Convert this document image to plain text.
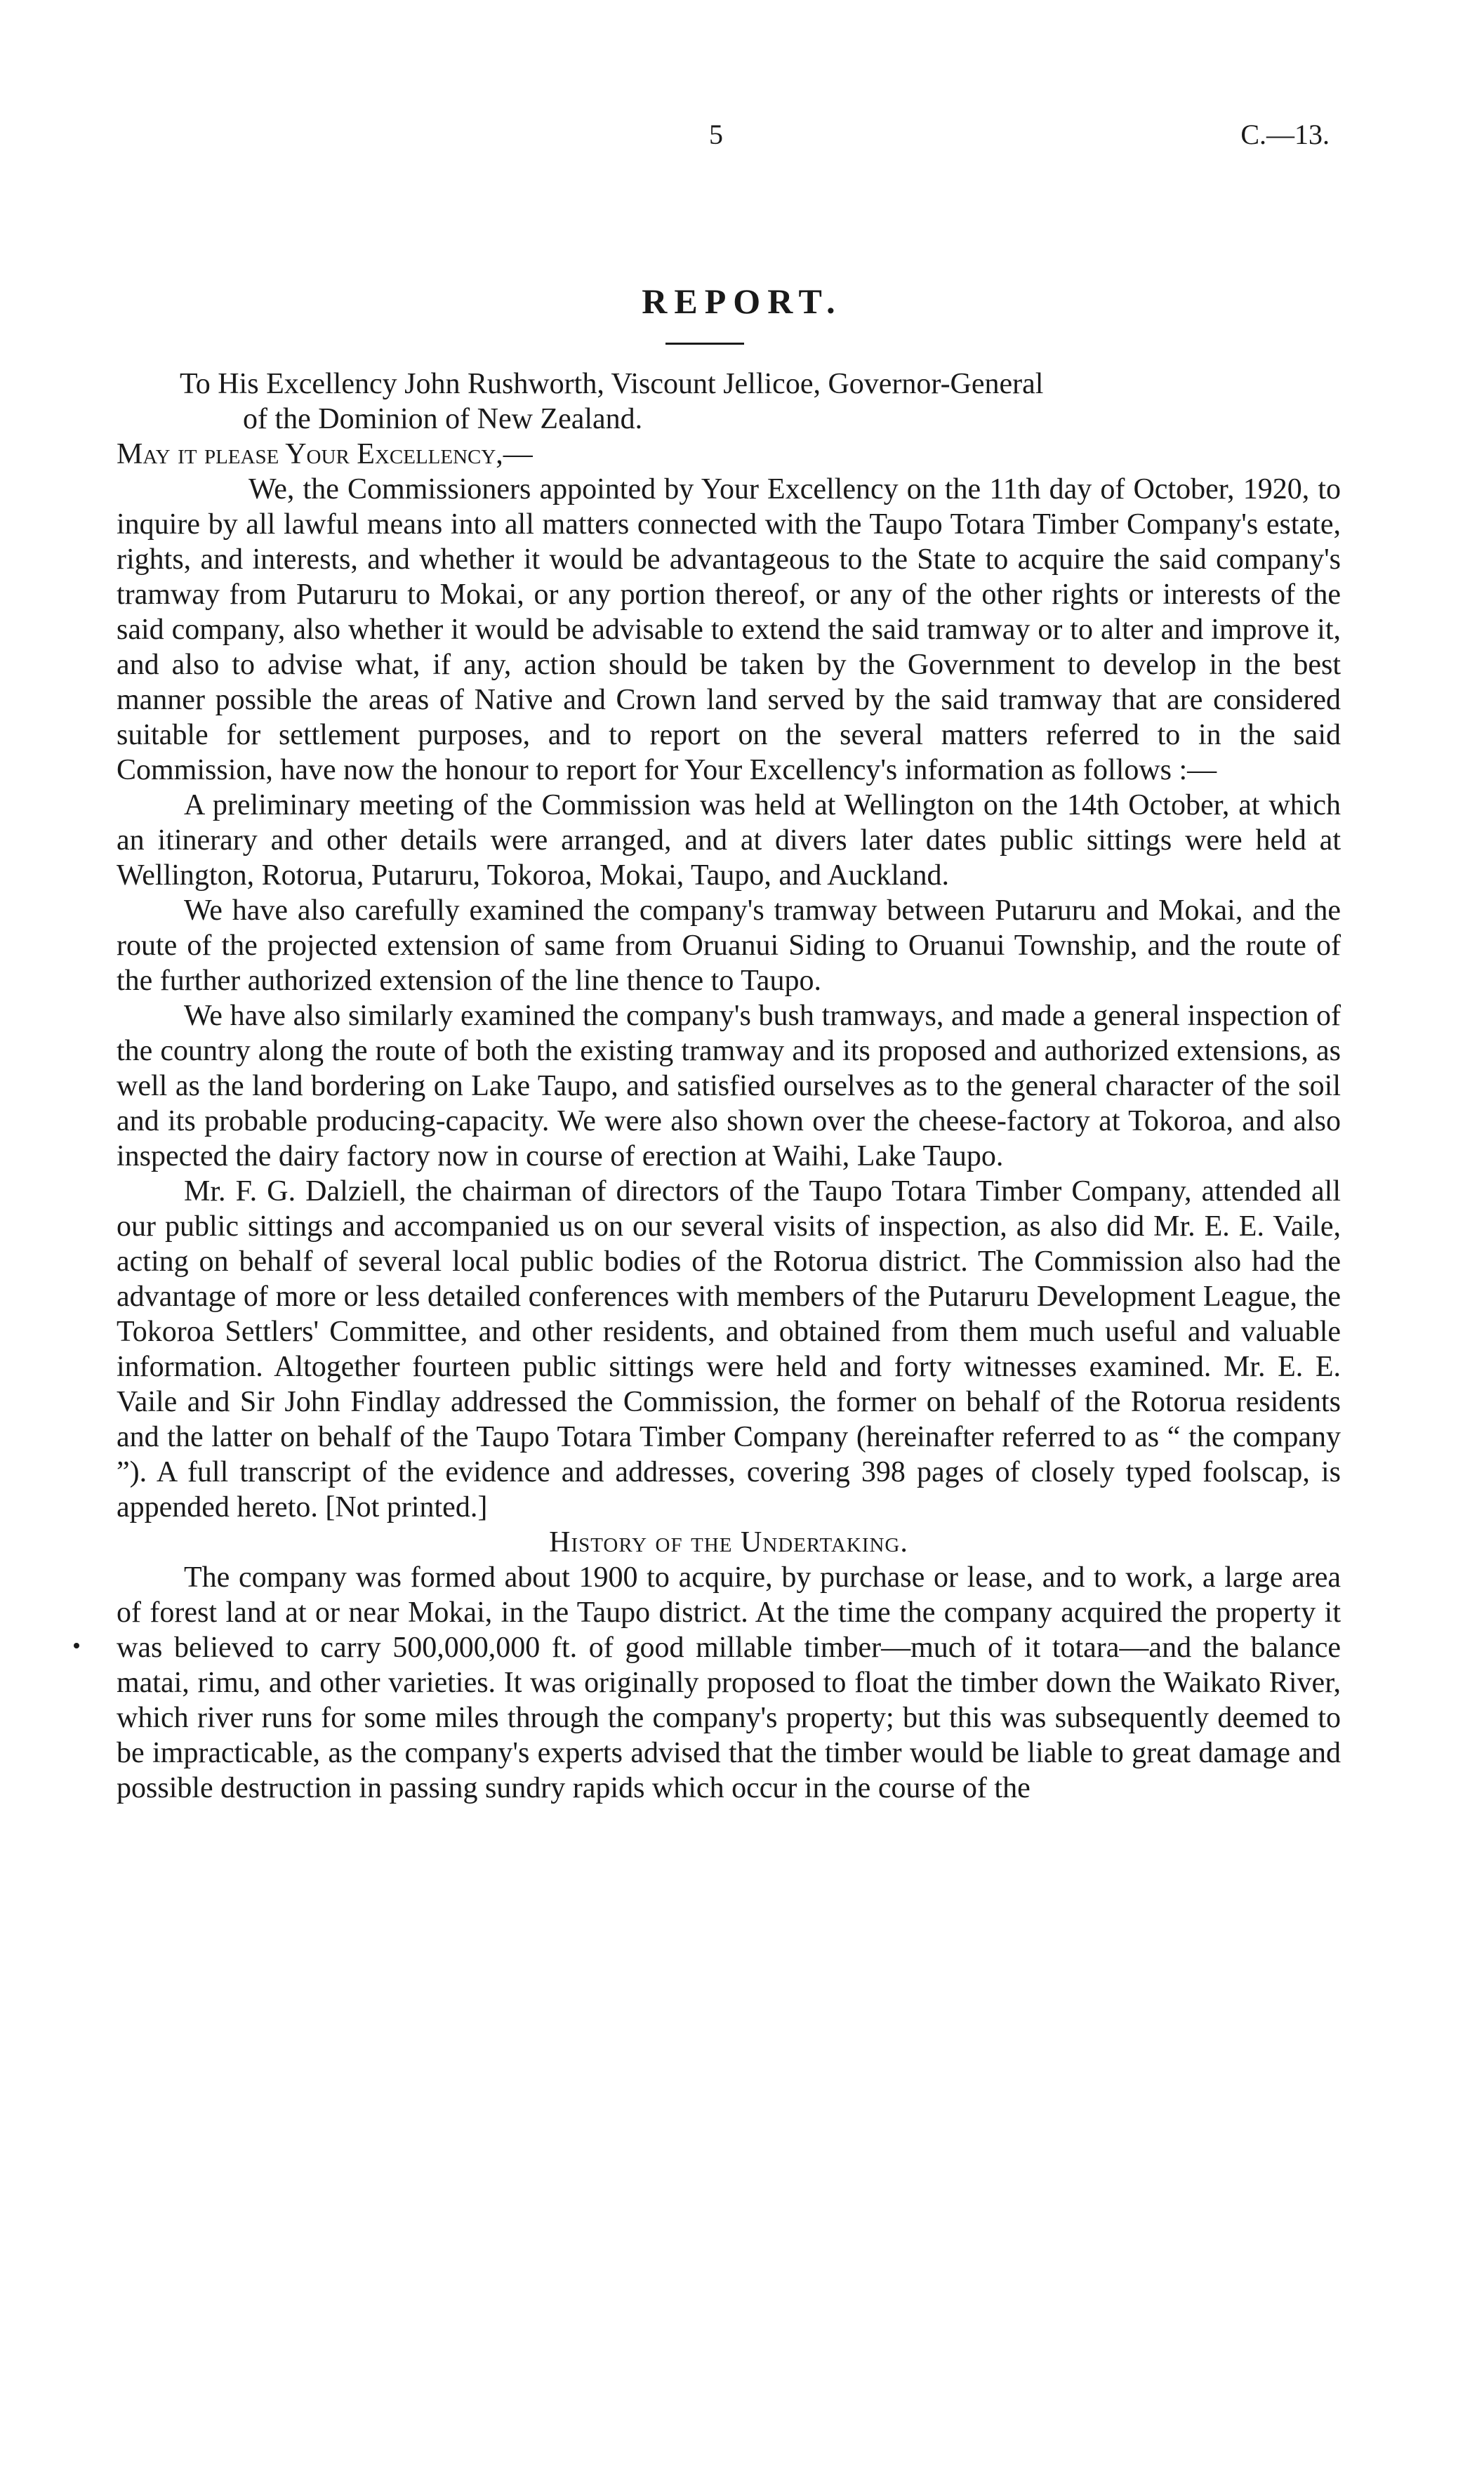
5	C.—13.
REPORT.

To His Excellency John Rushworth, Viscount Jellicoe, Governor-General
of the Dominion of New Zealand.

May it please Your Excellency,—

We, the Commissioners appointed by Your Excellency on the 11th day of October, 1920, to inquire by all lawful means into all matters connected with the Taupo Totara Timber Company's estate, rights, and interests, and whether it would be advantageous to the State to acquire the said company's tramway from Putaruru to Mokai, or any portion thereof, or any of the other rights or interests of the said company, also whether it would be advisable to extend the said tramway or to alter and improve it, and also to advise what, if any, action should be taken by the Government to develop in the best manner possible the areas of Native and Crown land served by the said tramway that are considered suitable for settlement purposes, and to report on the several matters referred to in the said Commission, have now the honour to report for Your Excellency's information as follows :—

A preliminary meeting of the Commission was held at Wellington on the 14th October, at which an itinerary and other details were arranged, and at divers later dates public sittings were held at Wellington, Rotorua, Putaruru, Tokoroa, Mokai, Taupo, and Auckland.

We have also carefully examined the company's tramway between Putaruru and Mokai, and the route of the projected extension of same from Oruanui Siding to Oruanui Township, and the route of the further authorized extension of the line thence to Taupo.

We have also similarly examined the company's bush tramways, and made a general inspection of the country along the route of both the existing tramway and its proposed and authorized extensions, as well as the land bordering on Lake Taupo, and satisfied ourselves as to the general character of the soil and its probable producing-capacity. We were also shown over the cheese-factory at Tokoroa, and also inspected the dairy factory now in course of erection at Waihi, Lake Taupo.

Mr. F. G. Dalziell, the chairman of directors of the Taupo Totara Timber Company, attended all our public sittings and accompanied us on our several visits of inspection, as also did Mr. E. E. Vaile, acting on behalf of several local public bodies of the Rotorua district. The Commission also had the advantage of more or less detailed conferences with members of the Putaruru Development League, the Tokoroa Settlers' Committee, and other residents, and obtained from them much useful and valuable information. Altogether fourteen public sittings were held and forty witnesses examined. Mr. E. E. Vaile and Sir John Findlay addressed the Commission, the former on behalf of the Rotorua residents and the latter on behalf of the Taupo Totara Timber Company (hereinafter referred to as “ the company ”). A full transcript of the evidence and addresses, covering 398 pages of closely typed foolscap, is appended hereto. [Not printed.]

History of the Undertaking.

The company was formed about 1900 to acquire, by purchase or lease, and to work, a large area of forest land at or near Mokai, in the Taupo district. At the time the company acquired the property it was believed to carry 500,000,000 ft. of good millable timber—much of it totara—and the balance matai, rimu, and other varieties. It was originally proposed to float the timber down the Waikato River, which river runs for some miles through the company's property; but this was subsequently deemed to be impracticable, as the company's experts advised that the timber would be liable to great damage and possible destruction in passing sundry rapids which occur in the course of the
